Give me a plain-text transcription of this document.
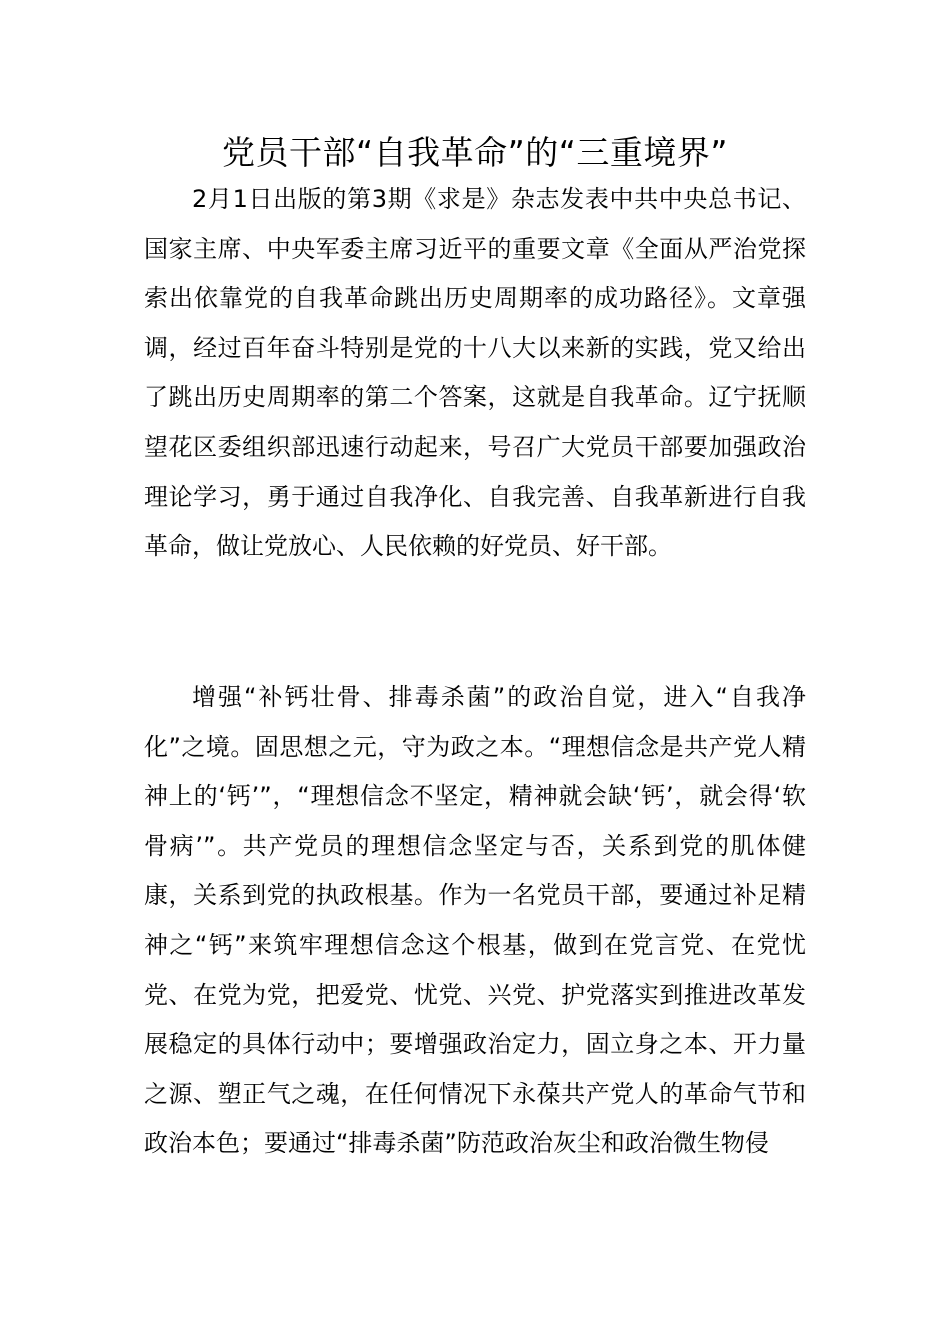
党员干部“自我革命”的“三重境界”

2月1日出版的第3期《求是》杂志发表中共中央总书记、国家主席、中央军委主席习近平的重要文章《全面从严治党探索出依靠党的自我革命跳出历史周期率的成功路径》。文章强调，经过百年奋斗特别是党的十八大以来新的实践，党又给出了跳出历史周期率的第二个答案，这就是自我革命。辽宁抚顺望花区委组织部迅速行动起来，号召广大党员干部要加强政治理论学习，勇于通过自我净化、自我完善、自我革新进行自我革命，做让党放心、人民依赖的好党员、好干部。

增强“补钙壮骨、排毒杀菌”的政治自觉，进入“自我净化”之境。固思想之元，守为政之本。“理想信念是共产党人精神上的‘钙’”，“理想信念不坚定，精神就会缺‘钙’，就会得‘软骨病’”。共产党员的理想信念坚定与否，关系到党的肌体健康，关系到党的执政根基。作为一名党员干部，要通过补足精神之“钙”来筑牢理想信念这个根基，做到在党言党、在党忧党、在党为党，把爱党、忧党、兴党、护党落实到推进改革发展稳定的具体行动中；要增强政治定力，固立身之本、开力量之源、塑正气之魂，在任何情况下永葆共产党人的革命气节和政治本色；要通过“排毒杀菌”防范政治灰尘和政治微生物侵
